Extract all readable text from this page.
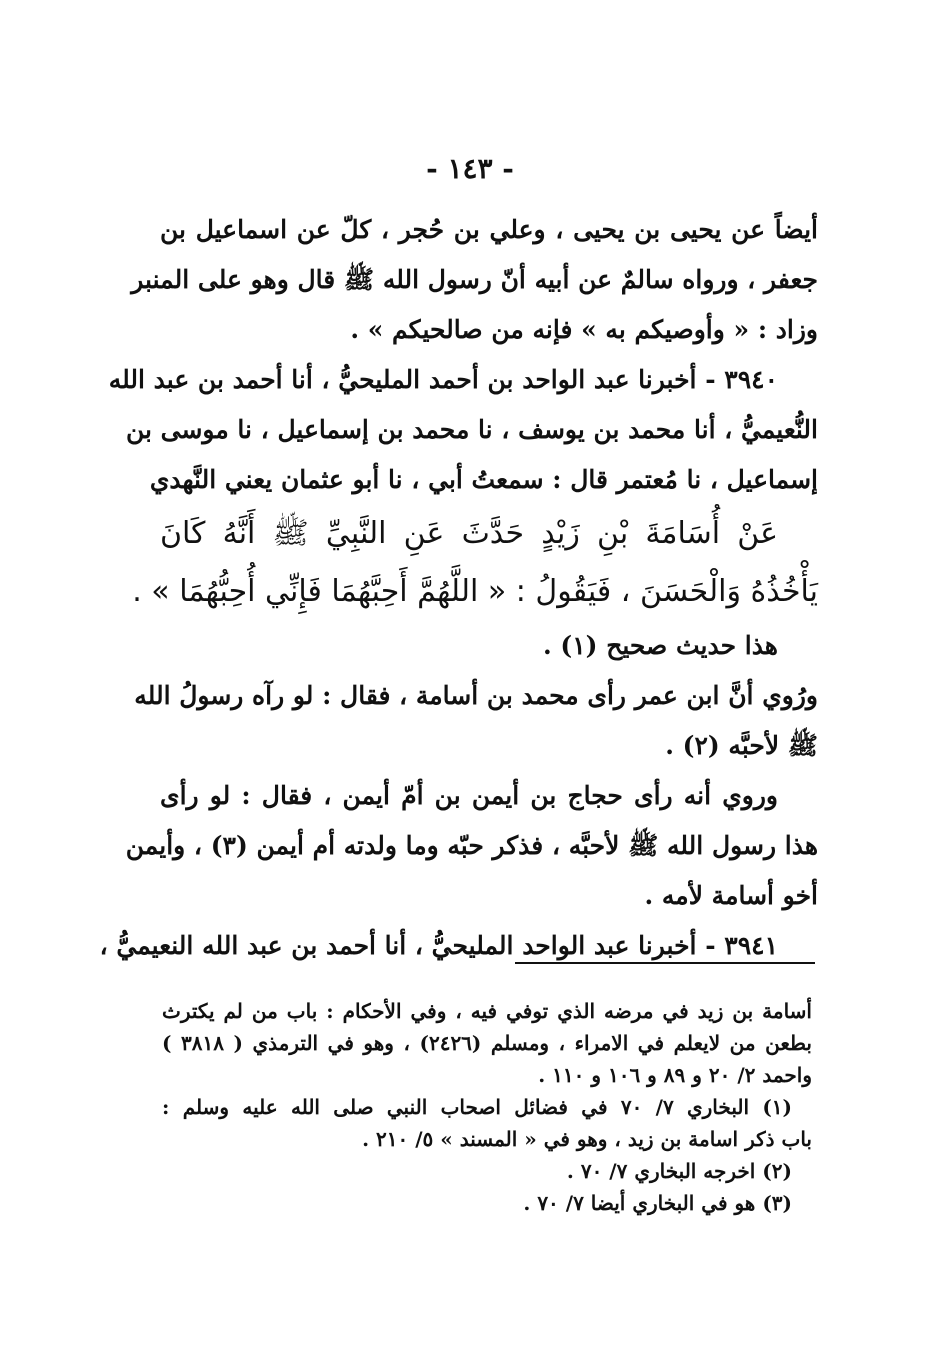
- ١٤٣ -
أيضاً عن يحيى بن يحيى ، وعلي بن حُجر ، كلّ عن اسماعيل بن
جعفر ، ورواه سالمٌ عن أبيه أنّ رسول الله ﷺ قال وهو على المنبر
وزاد : « وأوصيكم به » فإنه من صالحيكم » .
٣٩٤٠ - أخبرنا عبد الواحد بن أحمد المليحيُّ ، أنا أحمد بن عبد الله
النُّعيميُّ ، أنا محمد بن يوسف ، نا محمد بن إسماعيل ، نا موسى بن
إسماعيل ، نا مُعتمر قال : سمعتُ أبي ، نا أبو عثمان يعني النَّهدي
عَنْ أُسَامَةَ بْنِ زَيْدٍ حَدَّثَ عَنِ النَّبِيِّ ﷺ أَنَّهُ كَانَ
يَأْخُذُهُ وَالْحَسَنَ ، فَيَقُولُ : « اللَّهُمَّ أَحِبَّهُمَا فَإِنِّي أُحِبُّهُمَا » .
هذا حديث صحيح (١) .
ورُوي أنَّ ابن عمر رأى محمد بن أسامة ، فقال : لو رآه رسولُ الله
ﷺ لأحبَّه (٢) .
وروي أنه رأى حجاج بن أيمن بن أمّ أيمن ، فقال : لو رأى
هذا رسول الله ﷺ لأحبَّه ، فذكر حبّه وما ولدته أم أيمن (٣) ، وأيمن
أخو أسامة لأمه .
٣٩٤١ - أخبرنا عبد الواحد المليحيُّ ، أنا أحمد بن عبد الله النعيميُّ ،
أسامة بن زيد في مرضه الذي توفي فيه ، وفي الأحكام : باب من لم يكترث
بطعن من لايعلم في الامراء ، ومسلم (٢٤٢٦) ، وهو في الترمذي ( ٣٨١٨ )
واحمد ٢/ ٢٠ و ٨٩ و ١٠٦ و ١١٠ .
(١) البخاري ٧/ ٧٠ في فضائل اصحاب النبي صلى الله عليه وسلم :
باب ذكر اسامة بن زيد ، وهو في « المسند » ٥/ ٢١٠ .
(٢) اخرجه البخاري ٧/ ٧٠ .
(٣) هو في البخاري أيضا ٧/ ٧٠ .
